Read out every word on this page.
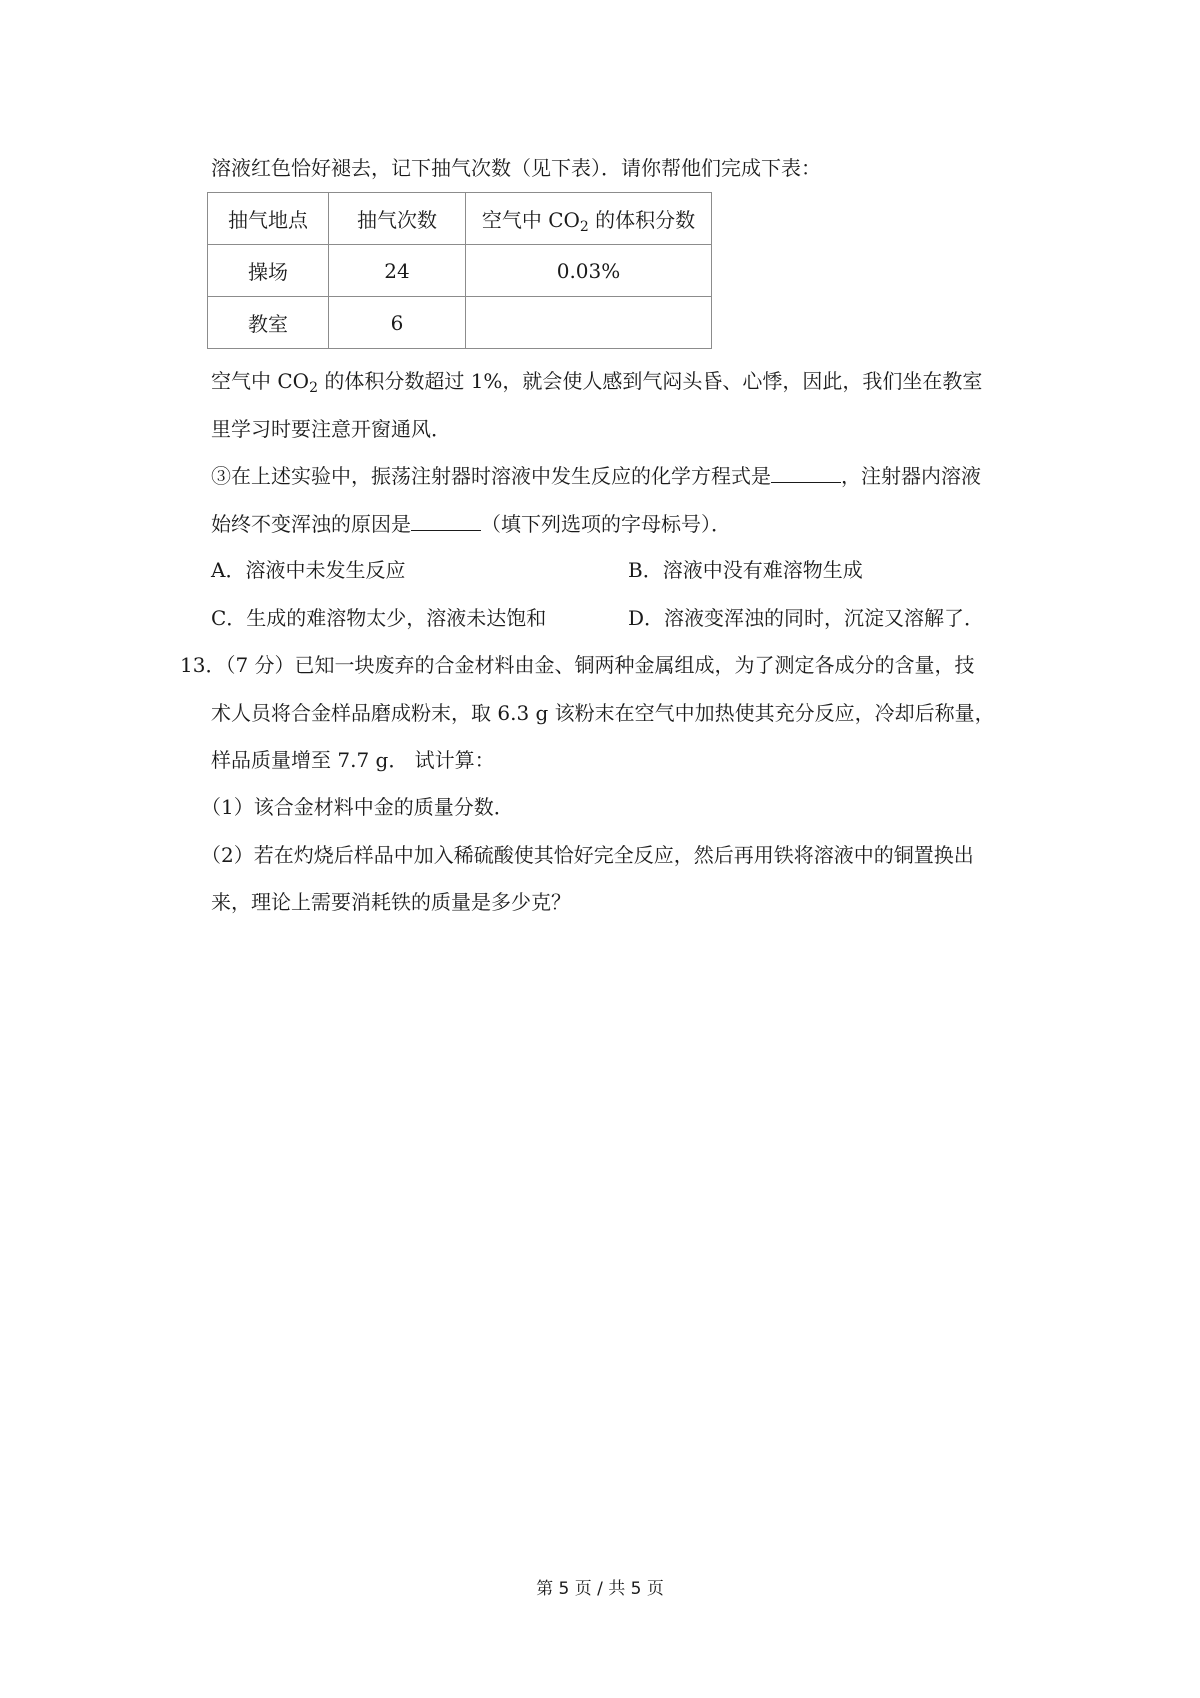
溶液红色恰好褪去，记下抽气次数（见下表）．请你帮他们完成下表：
抽气地点	抽气次数	空气中 $CO_2$ 的体积分数
操场	24	0.03%
教室	6	
空气中 $CO_2$ 的体积分数超过 1%，就会使人感到气闷头昏、心悸，因此，我们坐在教室
里学习时要注意开窗通风．
③在上述实验中，振荡注射器时溶液中发生反应的化学方程式是	，注射器内溶液
始终不变浑浊的原因是	（填下列选项的字母标号）．
A．溶液中未发生反应	B．溶液中没有难溶物生成
C．生成的难溶物太少，溶液未达饱和	D．溶液变浑浊的同时，沉淀又溶解了．
13．（7 分）已知一块废弃的合金材料由金、铜两种金属组成，为了测定各成分的含量，技
术人员将合金样品磨成粉末，取 6.3 g 该粉末在空气中加热使其充分反应，冷却后称量，
样品质量增至 7.7 g． 试计算：
（1）该合金材料中金的质量分数．
（2）若在灼烧后样品中加入稀硫酸使其恰好完全反应，然后再用铁将溶液中的铜置换出
来，理论上需要消耗铁的质量是多少克？
第 5 页 / 共 5 页
